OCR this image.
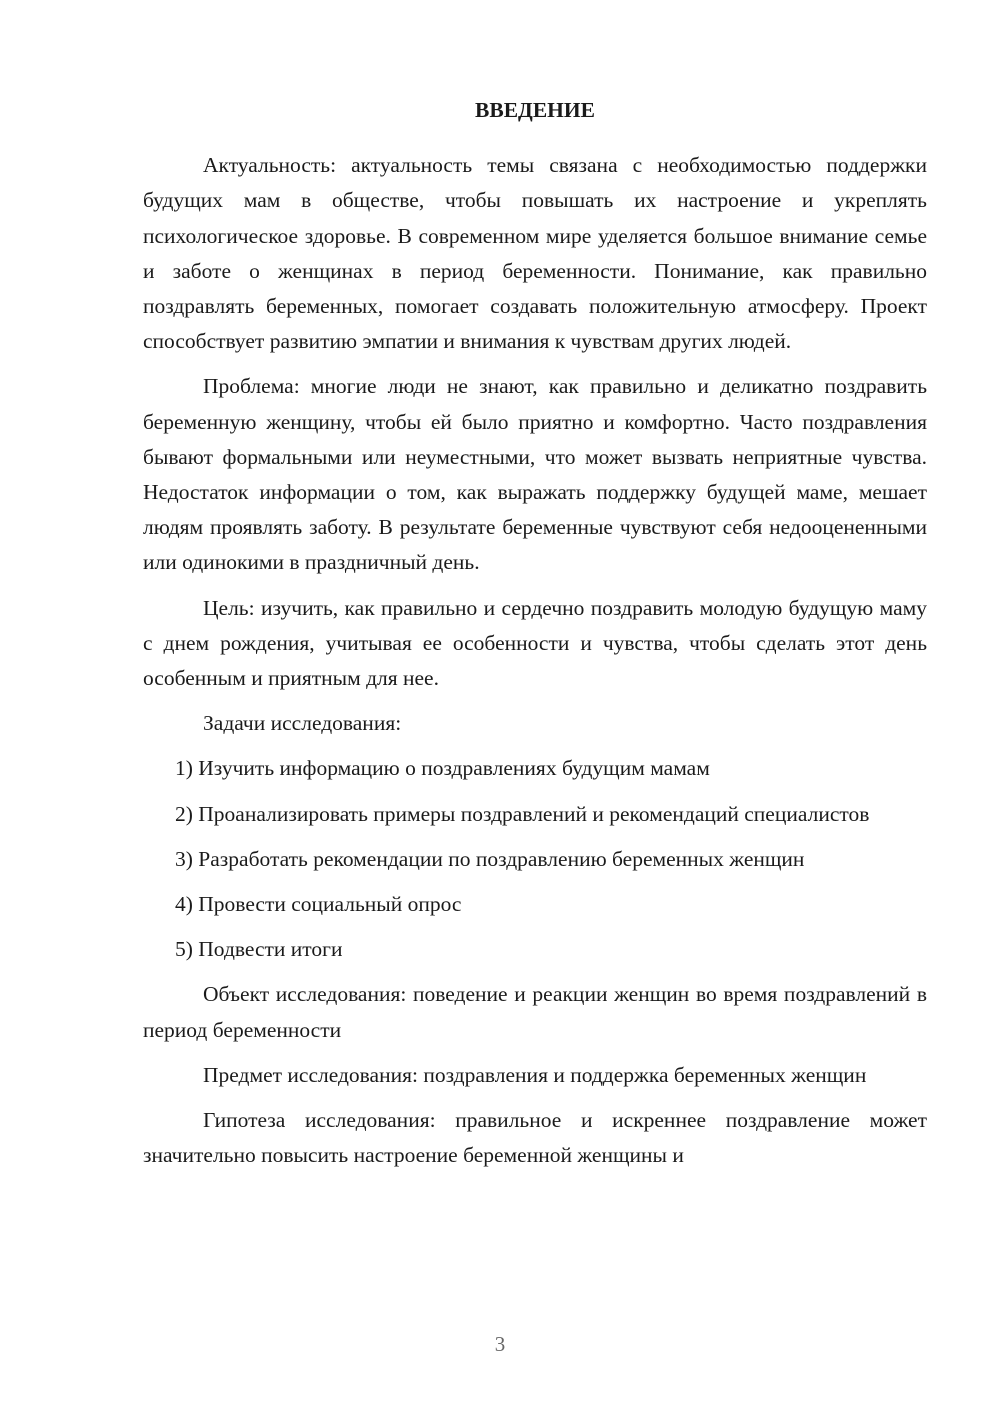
ВВЕДЕНИЕ

Актуальность: актуальность темы связана с необходимостью поддержки будущих мам в обществе, чтобы повышать их настроение и укреплять психологическое здоровье. В современном мире уделяется большое внимание семье и заботе о женщинах в период беременности. Понимание, как правильно поздравлять беременных, помогает создавать положительную атмосферу. Проект способствует развитию эмпатии и внимания к чувствам других людей.

Проблема: многие люди не знают, как правильно и деликатно поздравить беременную женщину, чтобы ей было приятно и комфортно. Часто поздравления бывают формальными или неуместными, что может вызвать неприятные чувства. Недостаток информации о том, как выражать поддержку будущей маме, мешает людям проявлять заботу. В результате беременные чувствуют себя недооцененными или одинокими в праздничный день.

Цель: изучить, как правильно и сердечно поздравить молодую будущую маму с днем рождения, учитывая ее особенности и чувства, чтобы сделать этот день особенным и приятным для нее.

Задачи исследования:

1) Изучить информацию о поздравлениях будущим мамам

2) Проанализировать примеры поздравлений и рекомендаций специалистов

3) Разработать рекомендации по поздравлению беременных женщин

4) Провести социальный опрос

5) Подвести итоги

Объект исследования: поведение и реакции женщин во время поздравлений в период беременности

Предмет исследования: поздравления и поддержка беременных женщин

Гипотеза исследования: правильное и искреннее поздравление может значительно повысить настроение беременной женщины и

3
